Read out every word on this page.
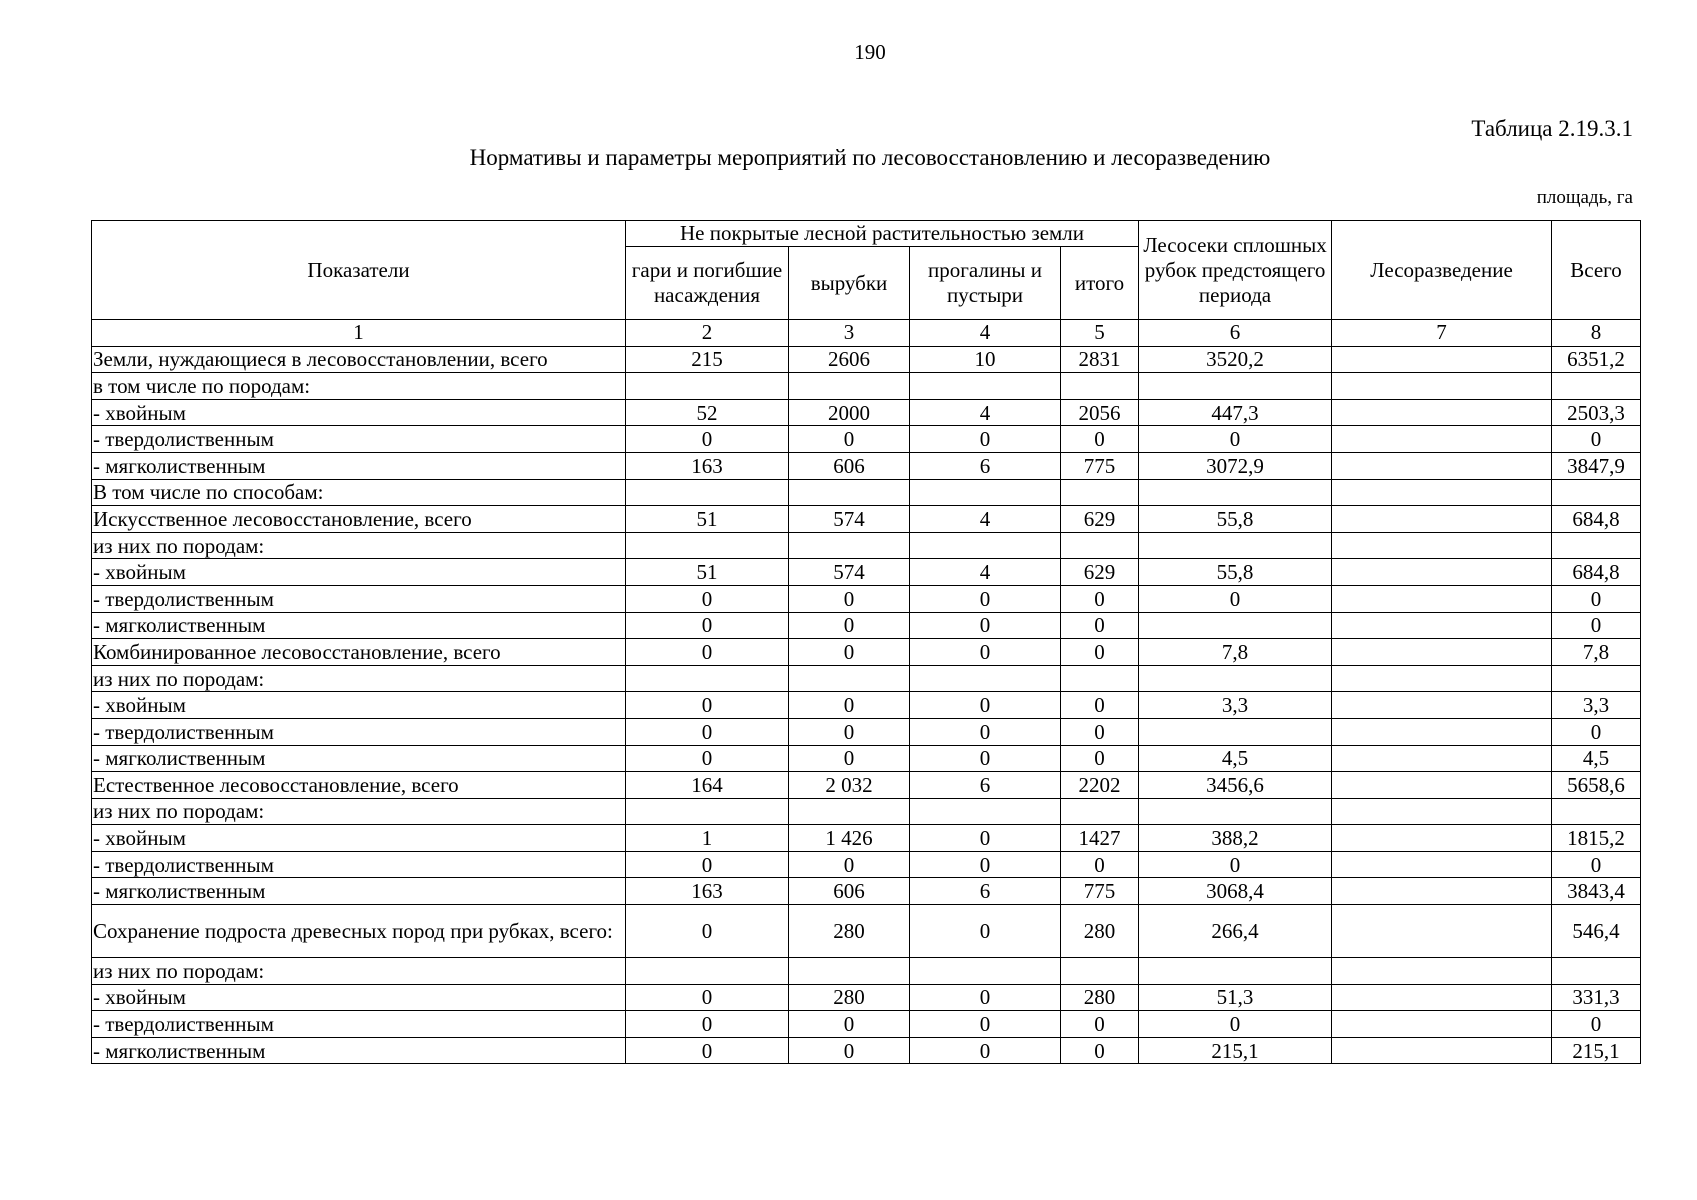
190
Таблица 2.19.3.1
Нормативы и параметры мероприятий по лесовосстановлению и лесоразведению
площадь, га
Показатели	Не покрытые лесной растительностью земли				Лесосеки сплошных рубок предстоящего периода	Лесоразведение	Всего
	гари и погибшие насаждения	вырубки	прогалины и пустыри	итого			
1	2	3	4	5	6	7	8
Земли, нуждающиеся в лесовосстановлении, всего	215	2606	10	2831	3520,2		6351,2
в том числе по породам:							
- хвойным	52	2000	4	2056	447,3		2503,3
- твердолиственным	0	0	0	0	0		0
- мягколиственным	163	606	6	775	3072,9		3847,9
В том числе по способам:							
Искусственное лесовосстановление, всего	51	574	4	629	55,8		684,8
из них по породам:							
- хвойным	51	574	4	629	55,8		684,8
- твердолиственным	0	0	0	0	0		0
- мягколиственным	0	0	0	0			0
Комбинированное лесовосстановление, всего	0	0	0	0	7,8		7,8
из них по породам:							
- хвойным	0	0	0	0	3,3		3,3
- твердолиственным	0	0	0	0			0
- мягколиственным	0	0	0	0	4,5		4,5
Естественное лесовосстановление, всего	164	2 032	6	2202	3456,6		5658,6
из них по породам:							
- хвойным	1	1 426	0	1427	388,2		1815,2
- твердолиственным	0	0	0	0	0		0
- мягколиственным	163	606	6	775	3068,4		3843,4
Сохранение подроста древесных пород при рубках, всего:	0	280	0	280	266,4		546,4
из них по породам:							
- хвойным	0	280	0	280	51,3		331,3
- твердолиственным	0	0	0	0	0		0
- мягколиственным	0	0	0	0	215,1		215,1
